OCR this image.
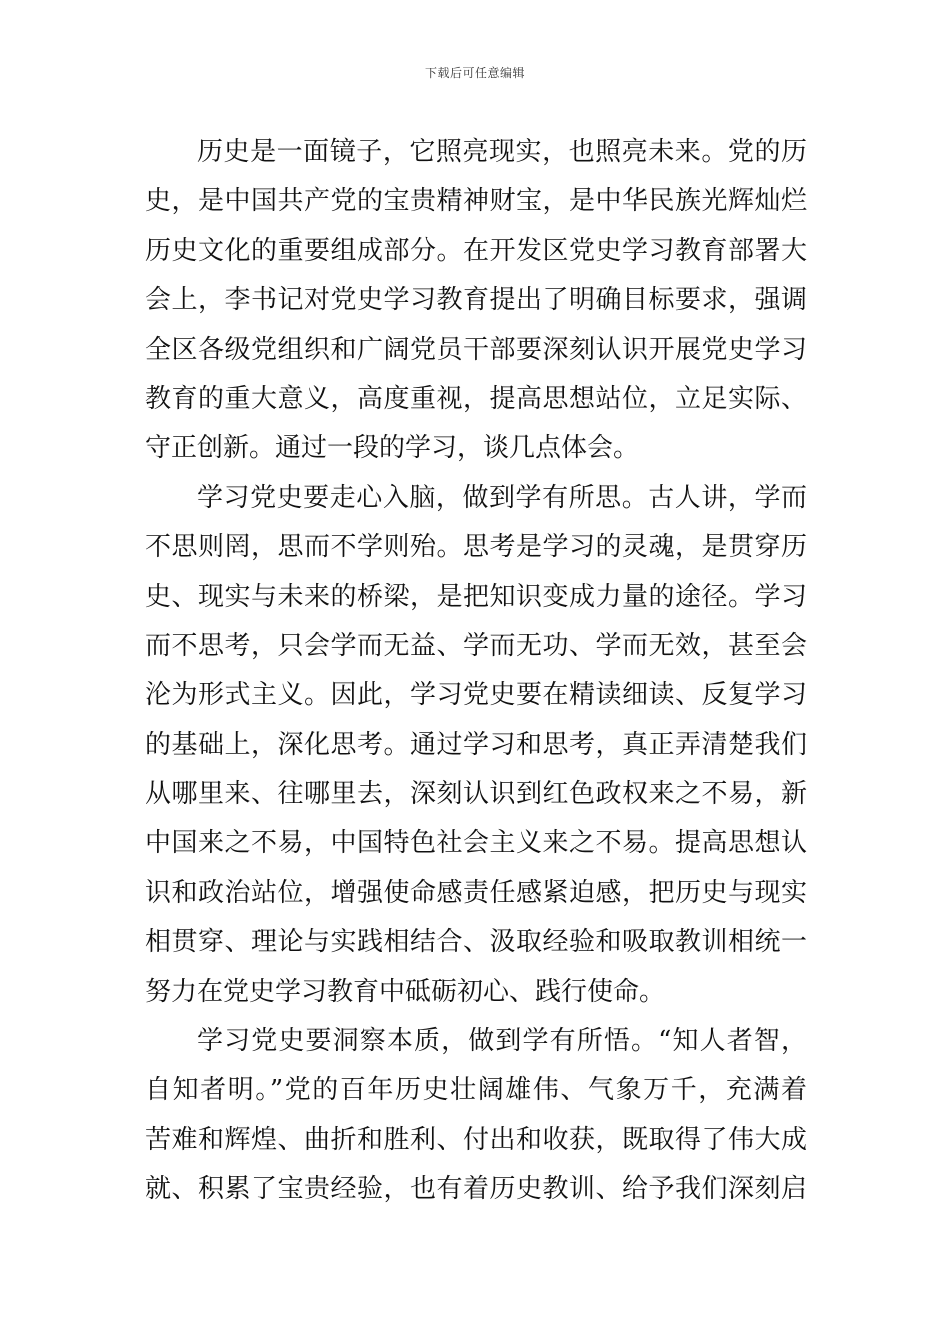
下载后可任意编辑
历史是一面镜子，它照亮现实，也照亮未来。党的历
史，是中国共产党的宝贵精神财宝，是中华民族光辉灿烂
历史文化的重要组成部分。在开发区党史学习教育部署大
会上，李书记对党史学习教育提出了明确目标要求，强调
全区各级党组织和广阔党员干部要深刻认识开展党史学习
教育的重大意义，高度重视，提高思想站位，立足实际、
守正创新。通过一段的学习，谈几点体会。
学习党史要走心入脑，做到学有所思。古人讲，学而
不思则罔，思而不学则殆。思考是学习的灵魂，是贯穿历
史、现实与未来的桥梁，是把知识变成力量的途径。学习
而不思考，只会学而无益、学而无功、学而无效，甚至会
沦为形式主义。因此，学习党史要在精读细读、反复学习
的基础上，深化思考。通过学习和思考，真正弄清楚我们
从哪里来、往哪里去，深刻认识到红色政权来之不易，新
中国来之不易，中国特色社会主义来之不易。提高思想认
识和政治站位，增强使命感责任感紧迫感，把历史与现实
相贯穿、理论与实践相结合、汲取经验和吸取教训相统一
努力在党史学习教育中砥砺初心、践行使命。
学习党史要洞察本质，做到学有所悟。“知人者智，
自知者明。”党的百年历史壮阔雄伟、气象万千，充满着
苦难和辉煌、曲折和胜利、付出和收获，既取得了伟大成
就、积累了宝贵经验，也有着历史教训、给予我们深刻启
